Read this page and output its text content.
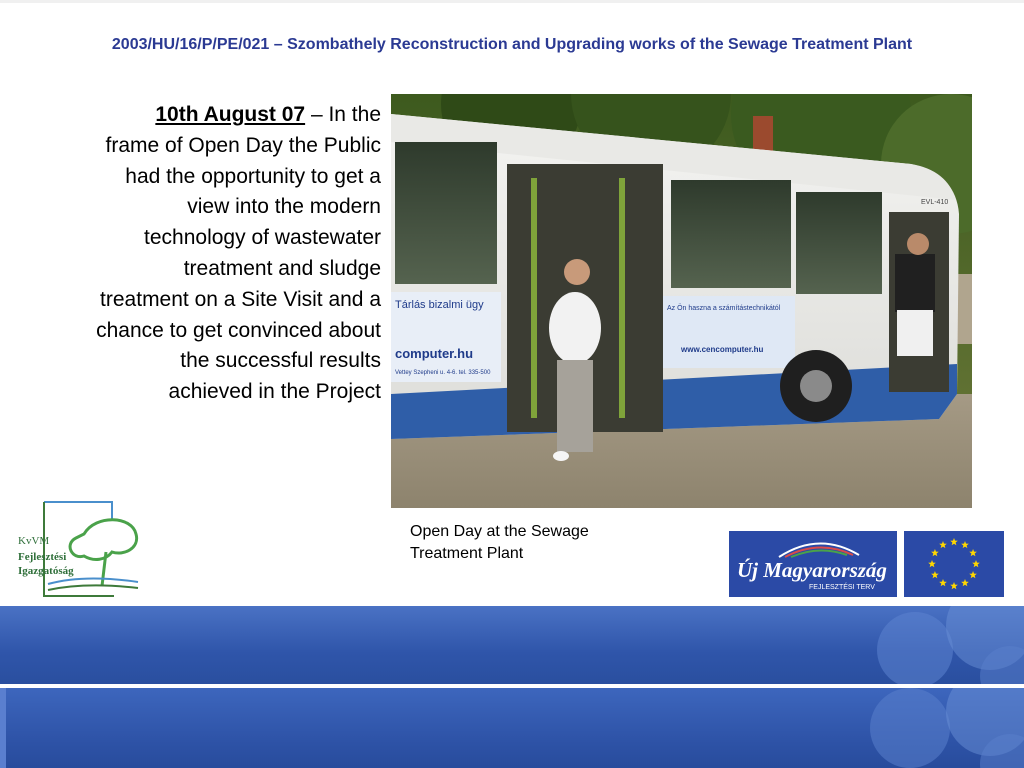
2003/HU/16/P/PE/021 – Szombathely Reconstruction and Upgrading works of the Sewage Treatment Plant
10th August 07 – In the frame of Open Day the Public had the opportunity to get a view into the modern technology of wastewater treatment and sludge treatment on a Site Visit and a chance to get convinced about the successful results achieved in the Project
Tárlás bizalmi ügy
computer.hu
Vettey Szepheni u. 4-6. tel. 335-500
Az Ön hasznа a számítástechnikától
www.cencomputer.hu
EVL-410
Open Day at the Sewage Treatment Plant
KvVM
Fejlesztési
Igazgatóság	Új Magyarország
FEJLESZTÉSI TERV
